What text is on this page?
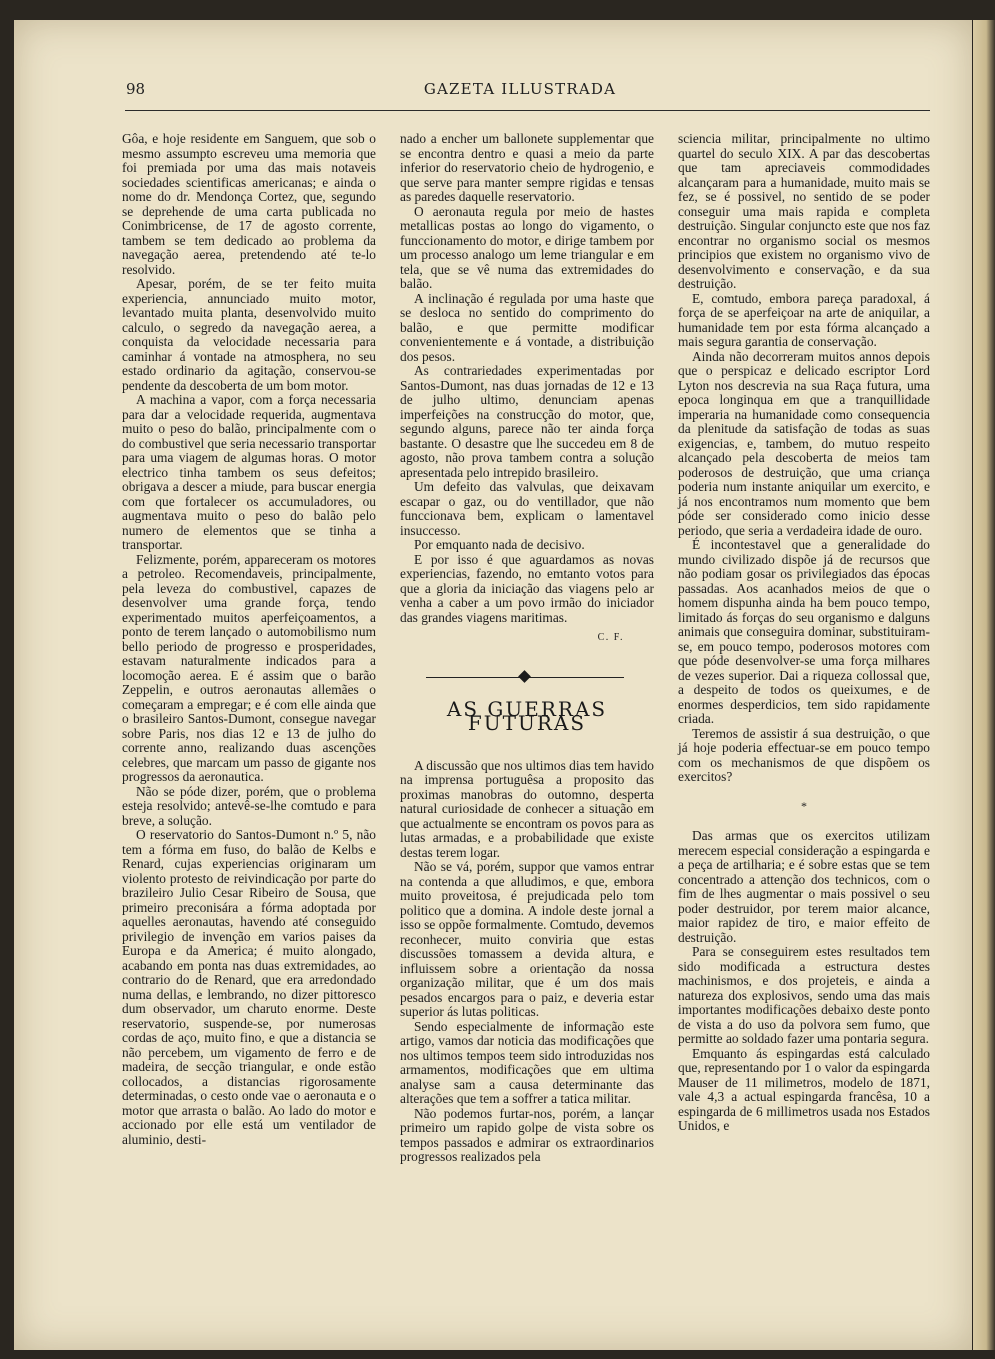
98	GAZETA ILLUSTRADA

Gôa, e hoje residente em Sanguem, que sob o mesmo assumpto escreveu uma memoria que foi premiada por uma das mais notaveis sociedades scientificas americanas; e ainda o nome do dr. Mendonça Cortez, que, segundo se deprehende de uma carta publicada no Conimbricense, de 17 de agosto corrente, tambem se tem dedicado ao problema da navegação aerea, pretendendo até te-lo resolvido.

Apesar, porém, de se ter feito muita experiencia, annunciado muito motor, levantado muita planta, desenvolvido muito calculo, o segredo da navegação aerea, a conquista da velocidade necessaria para caminhar á vontade na atmosphera, no seu estado ordinario da agitação, conservou-se pendente da descoberta de um bom motor.

A machina a vapor, com a força necessaria para dar a velocidade requerida, augmentava muito o peso do balão, principalmente com o do combustivel que seria necessario transportar para uma viagem de algumas horas. O motor electrico tinha tambem os seus defeitos; obrigava a descer a miude, para buscar energia com que fortalecer os accumuladores, ou augmentava muito o peso do balão pelo numero de elementos que se tinha a transportar.

Felizmente, porém, appareceram os motores a petroleo. Recomendaveis, principalmente, pela leveza do combustivel, capazes de desenvolver uma grande força, tendo experimentado muitos aperfeiçoamentos, a ponto de terem lançado o automobilismo num bello periodo de progresso e prosperidades, estavam naturalmente indicados para a locomoção aerea. E é assim que o barão Zeppelin, e outros aeronautas allemães o começaram a empregar; e é com elle ainda que o brasileiro Santos-Dumont, consegue navegar sobre Paris, nos dias 12 e 13 de julho do corrente anno, realizando duas ascenções celebres, que marcam um passo de gigante nos progressos da aeronautica.

Não se póde dizer, porém, que o problema esteja resolvido; antevê-se-lhe comtudo e para breve, a solução.

O reservatorio do Santos-Dumont n.º 5, não tem a fórma em fuso, do balão de Kelbs e Renard, cujas experiencias originaram um violento protesto de reivindicação por parte do brazileiro Julio Cesar Ribeiro de Sousa, que primeiro preconisára a fórma adoptada por aquelles aeronautas, havendo até conseguido privilegio de invenção em varios paises da Europa e da America; é muito alongado, acabando em ponta nas duas extremidades, ao contrario do de Renard, que era arredondado numa dellas, e lembrando, no dizer pittoresco dum observador, um charuto enorme. Deste reservatorio, suspende-se, por numerosas cordas de aço, muito fino, e que a distancia se não percebem, um vigamento de ferro e de madeira, de secção triangular, e onde estão collocados, a distancias rigorosamente determinadas, o cesto onde vae o aeronauta e o motor que arrasta o balão. Ao lado do motor e accionado por elle está um ventilador de aluminio, desti-

nado a encher um ballonete supplementar que se encontra dentro e quasi a meio da parte inferior do reservatorio cheio de hydrogenio, e que serve para manter sempre rigidas e tensas as paredes daquelle reservatorio.

O aeronauta regula por meio de hastes metallicas postas ao longo do vigamento, o funccionamento do motor, e dirige tambem por um processo analogo um leme triangular e em tela, que se vê numa das extremidades do balão.

A inclinação é regulada por uma haste que se desloca no sentido do comprimento do balão, e que permitte modificar convenientemente e á vontade, a distribuição dos pesos.

As contrariedades experimentadas por Santos-Dumont, nas duas jornadas de 12 e 13 de julho ultimo, denunciam apenas imperfeições na construcção do motor, que, segundo alguns, parece não ter ainda força bastante. O desastre que lhe succedeu em 8 de agosto, não prova tambem contra a solução apresentada pelo intrepido brasileiro.

Um defeito das valvulas, que deixavam escapar o gaz, ou do ventillador, que não funccionava bem, explicam o lamentavel insuccesso.

Por emquanto nada de decisivo.

E por isso é que aguardamos as novas experiencias, fazendo, no emtanto votos para que a gloria da iniciação das viagens pelo ar venha a caber a um povo irmão do iniciador das grandes viagens maritimas.

C. F.
AS GUERRAS FUTURAS

A discussão que nos ultimos dias tem havido na imprensa portuguêsa a proposito das proximas manobras do outomno, desperta natural curiosidade de conhecer a situação em que actualmente se encontram os povos para as lutas armadas, e a probabilidade que existe destas terem logar.

Não se vá, porém, suppor que vamos entrar na contenda a que alludimos, e que, embora muito proveitosa, é prejudicada pelo tom politico que a domina. A indole deste jornal a isso se oppõe formalmente. Comtudo, devemos reconhecer, muito conviria que estas discussões tomassem a devida altura, e influissem sobre a orientação da nossa organização militar, que é um dos mais pesados encargos para o paiz, e deveria estar superior ás lutas politicas.

Sendo especialmente de informação este artigo, vamos dar noticia das modificações que nos ultimos tempos teem sido introduzidas nos armamentos, modificações que em ultima analyse sam a causa determinante das alterações que tem a soffrer a tatica militar.

Não podemos furtar-nos, porém, a lançar primeiro um rapido golpe de vista sobre os tempos passados e admirar os extraordinarios progressos realizados pela

sciencia militar, principalmente no ultimo quartel do seculo XIX. A par das descobertas que tam apreciaveis commodidades alcançaram para a humanidade, muito mais se fez, se é possivel, no sentido de se poder conseguir uma mais rapida e completa destruição. Singular conjuncto este que nos faz encontrar no organismo social os mesmos principios que existem no organismo vivo de desenvolvimento e conservação, e da sua destruição.

E, comtudo, embora pareça paradoxal, á força de se aperfeiçoar na arte de aniquilar, a humanidade tem por esta fórma alcançado a mais segura garantia de conservação.

Ainda não decorreram muitos annos depois que o perspicaz e delicado escriptor Lord Lyton nos descrevia na sua Raça futura, uma epoca longinqua em que a tranquillidade imperaria na humanidade como consequencia da plenitude da satisfação de todas as suas exigencias, e, tambem, do mutuo respeito alcançado pela descoberta de meios tam poderosos de destruição, que uma criança poderia num instante aniquilar um exercito, e já nos encontramos num momento que bem póde ser considerado como inicio desse periodo, que seria a verdadeira idade de ouro.

É incontestavel que a generalidade do mundo civilizado dispõe já de recursos que não podiam gosar os privilegiados das épocas passadas. Aos acanhados meios de que o homem dispunha ainda ha bem pouco tempo, limitado ás forças do seu organismo e dalguns animais que conseguira dominar, substituiram-se, em pouco tempo, poderosos motores com que póde desenvolver-se uma força milhares de vezes superior. Dai a riqueza collossal que, a despeito de todos os queixumes, e de enormes desperdicios, tem sido rapidamente criada.

Teremos de assistir á sua destruição, o que já hoje poderia effectuar-se em pouco tempo com os mechanismos de que dispõem os exercitos?

*

Das armas que os exercitos utilizam merecem especial consideração a espingarda e a peça de artilharia; e é sobre estas que se tem concentrado a attenção dos technicos, com o fim de lhes augmentar o mais possivel o seu poder destruidor, por terem maior alcance, maior rapidez de tiro, e maior effeito de destruição.

Para se conseguirem estes resultados tem sido modificada a estructura destes machinismos, e dos projeteis, e ainda a natureza dos explosivos, sendo uma das mais importantes modificações debaixo deste ponto de vista a do uso da polvora sem fumo, que permitte ao soldado fazer uma pontaria segura.

Emquanto ás espingardas está calculado que, representando por 1 o valor da espingarda Mauser de 11 milimetros, modelo de 1871, vale 4,3 a actual espingarda francêsa, 10 a espingarda de 6 millimetros usada nos Estados Unidos, e
